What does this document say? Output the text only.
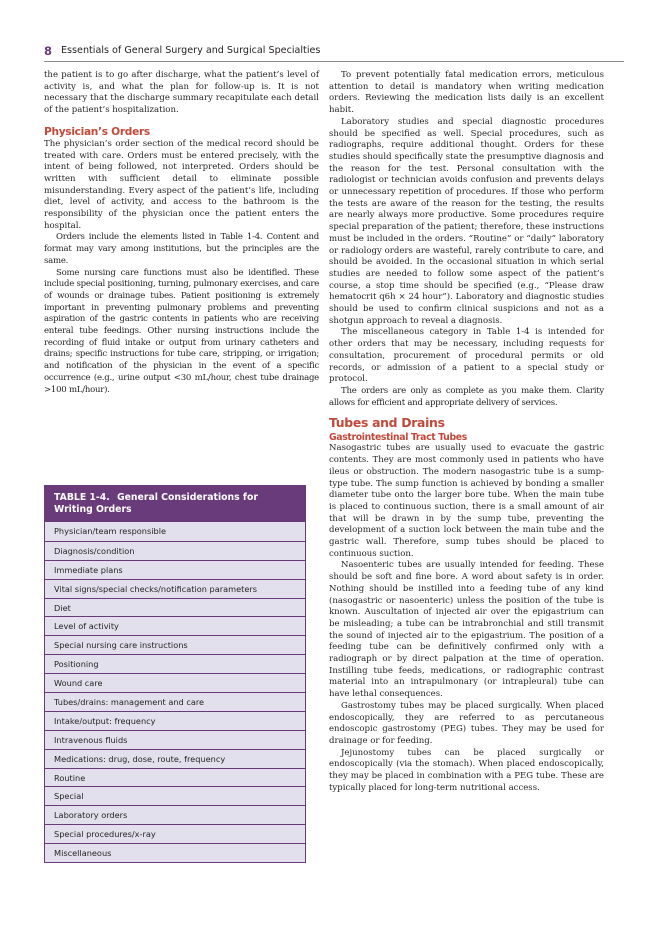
8 Essentials of General Surgery and Surgical Specialties

the patient is to go after discharge, what the patient’s level of activity is, and what the plan for follow-up is. It is not necessary that the discharge summary recapitulate each detail of the patient’s hospitalization.

Physician’s Orders

The physician’s order section of the medical record should be treated with care. Orders must be entered precisely, with the intent of being followed, not interpreted. Orders should be written with sufficient detail to eliminate possible misunderstanding. Every aspect of the patient’s life, including diet, level of activity, and access to the bathroom is the responsibility of the physician once the patient enters the hospital.

Orders include the elements listed in Table 1-4. Content and format may vary among institutions, but the principles are the same.

Some nursing care functions must also be identified. These include special positioning, turning, pulmonary exercises, and care of wounds or drainage tubes. Patient positioning is extremely important in preventing pulmonary problems and preventing aspiration of the gastric contents in patients who are receiving enteral tube feedings. Other nursing instructions include the recording of fluid intake or output from urinary catheters and drains; specific instructions for tube care, stripping, or irrigation; and notification of the physician in the event of a specific occurrence (e.g., urine output <30 mL/hour, chest tube drainage >100 mL/hour).

TABLE 1-4. General Considerations for Writing Orders
Physician/team responsible
Diagnosis/condition
Immediate plans
Vital signs/special checks/notification parameters
Diet
Level of activity
Special nursing care instructions
Positioning
Wound care
Tubes/drains: management and care
Intake/output: frequency
Intravenous fluids
Medications: drug, dose, route, frequency
Routine
Special
Laboratory orders
Special procedures/x-ray
Miscellaneous

To prevent potentially fatal medication errors, meticulous attention to detail is mandatory when writing medication orders. Reviewing the medication lists daily is an excellent habit.

Laboratory studies and special diagnostic procedures should be specified as well. Special procedures, such as radiographs, require additional thought. Orders for these studies should specifically state the presumptive diagnosis and the reason for the test. Personal consultation with the radiologist or technician avoids confusion and prevents delays or unnecessary repetition of procedures. If those who perform the tests are aware of the reason for the testing, the results are nearly always more productive. Some procedures require special preparation of the patient; therefore, these instructions must be included in the orders. “Routine” or “daily” laboratory or radiology orders are wasteful, rarely contribute to care, and should be avoided. In the occasional situation in which serial studies are needed to follow some aspect of the patient’s course, a stop time should be specified (e.g., “Please draw hematocrit q6h × 24 hour”). Laboratory and diagnostic studies should be used to confirm clinical suspicions and not as a shotgun approach to reveal a diagnosis.

The miscellaneous category in Table 1-4 is intended for other orders that may be necessary, including requests for consultation, procurement of procedural permits or old records, or admission of a patient to a special study or protocol.

The orders are only as complete as you make them. Clarity allows for efficient and appropriate delivery of services.

Tubes and Drains
Gastrointestinal Tract Tubes

Nasogastric tubes are usually used to evacuate the gastric contents. They are most commonly used in patients who have ileus or obstruction. The modern nasogastric tube is a sump-type tube. The sump function is achieved by bonding a smaller diameter tube onto the larger bore tube. When the main tube is placed to continuous suction, there is a small amount of air that will be drawn in by the sump tube, preventing the development of a suction lock between the main tube and the gastric wall. Therefore, sump tubes should be placed to continuous suction.

Nasoenteric tubes are usually intended for feeding. These should be soft and fine bore. A word about safety is in order. Nothing should be instilled into a feeding tube of any kind (nasogastric or nasoenteric) unless the position of the tube is known. Auscultation of injected air over the epigastrium can be misleading; a tube can be intrabronchial and still transmit the sound of injected air to the epigastrium. The position of a feeding tube can be definitively confirmed only with a radiograph or by direct palpation at the time of operation. Instilling tube feeds, medications, or radiographic contrast material into an intrapulmonary (or intrapleural) tube can have lethal consequences.

Gastrostomy tubes may be placed surgically. When placed endoscopically, they are referred to as percutaneous endoscopic gastrostomy (PEG) tubes. They may be used for drainage or for feeding.

Jejunostomy tubes can be placed surgically or endoscopically (via the stomach). When placed endoscopically, they may be placed in combination with a PEG tube. These are typically placed for long-term nutritional access.
